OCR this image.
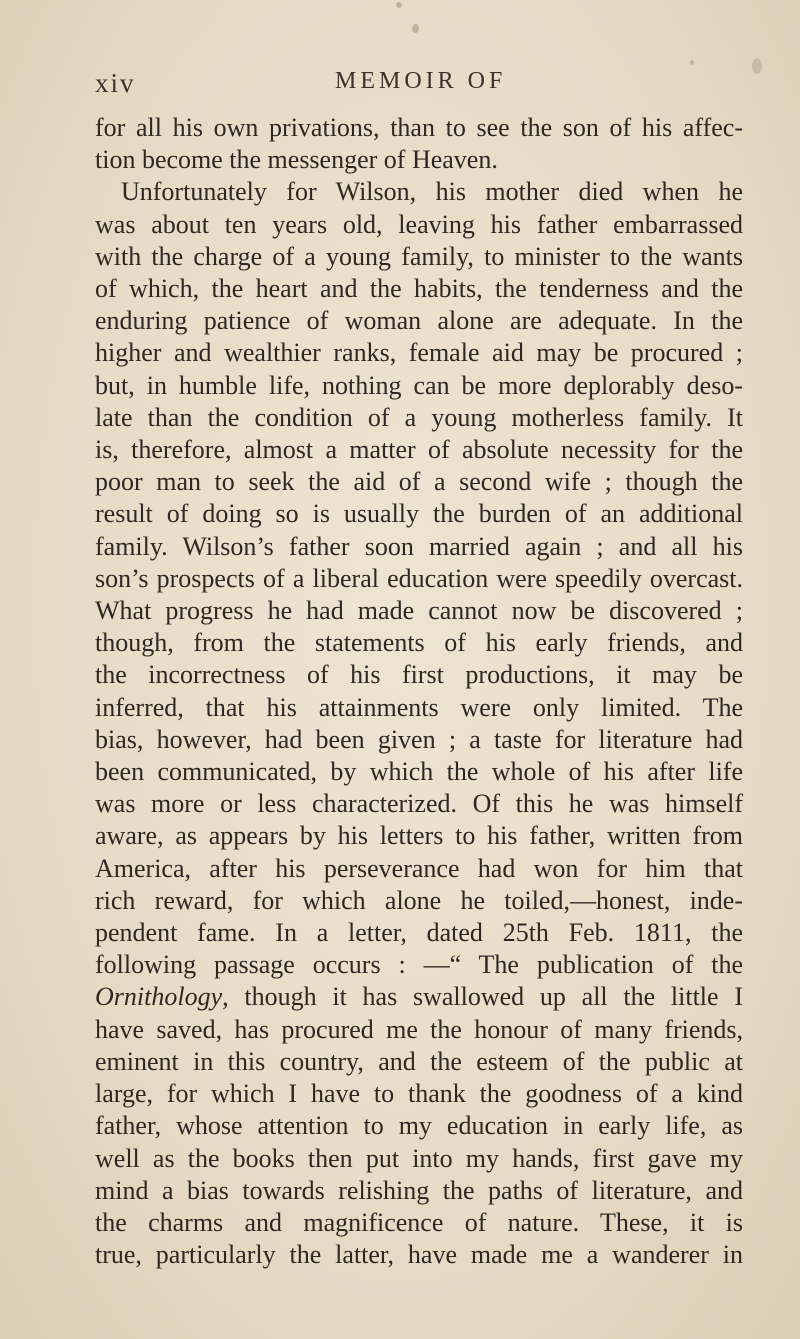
xiv	MEMOIR OF
for all his own privations, than to see the son of his affec-
tion become the messenger of Heaven.
Unfortunately for Wilson, his mother died when he
was about ten years old, leaving his father embarrassed
with the charge of a young family, to minister to the wants
of which, the heart and the habits, the tenderness and the
enduring patience of woman alone are adequate. In the
higher and wealthier ranks, female aid may be procured ;
but, in humble life, nothing can be more deplorably deso-
late than the condition of a young motherless family. It
is, therefore, almost a matter of absolute necessity for the
poor man to seek the aid of a second wife ; though the
result of doing so is usually the burden of an additional
family. Wilson’s father soon married again ; and all his
son’s prospects of a liberal education were speedily overcast.
What progress he had made cannot now be discovered ;
though, from the statements of his early friends, and
the incorrectness of his first productions, it may be
inferred, that his attainments were only limited. The
bias, however, had been given ; a taste for literature had
been communicated, by which the whole of his after life
was more or less characterized. Of this he was himself
aware, as appears by his letters to his father, written from
America, after his perseverance had won for him that
rich reward, for which alone he toiled,—honest, inde-
pendent fame. In a letter, dated 25th Feb. 1811, the
following passage occurs : —“ The publication of the
Ornithology, though it has swallowed up all the little I
have saved, has procured me the honour of many friends,
eminent in this country, and the esteem of the public at
large, for which I have to thank the goodness of a kind
father, whose attention to my education in early life, as
well as the books then put into my hands, first gave my
mind a bias towards relishing the paths of literature, and
the charms and magnificence of nature. These, it is
true, particularly the latter, have made me a wanderer in
